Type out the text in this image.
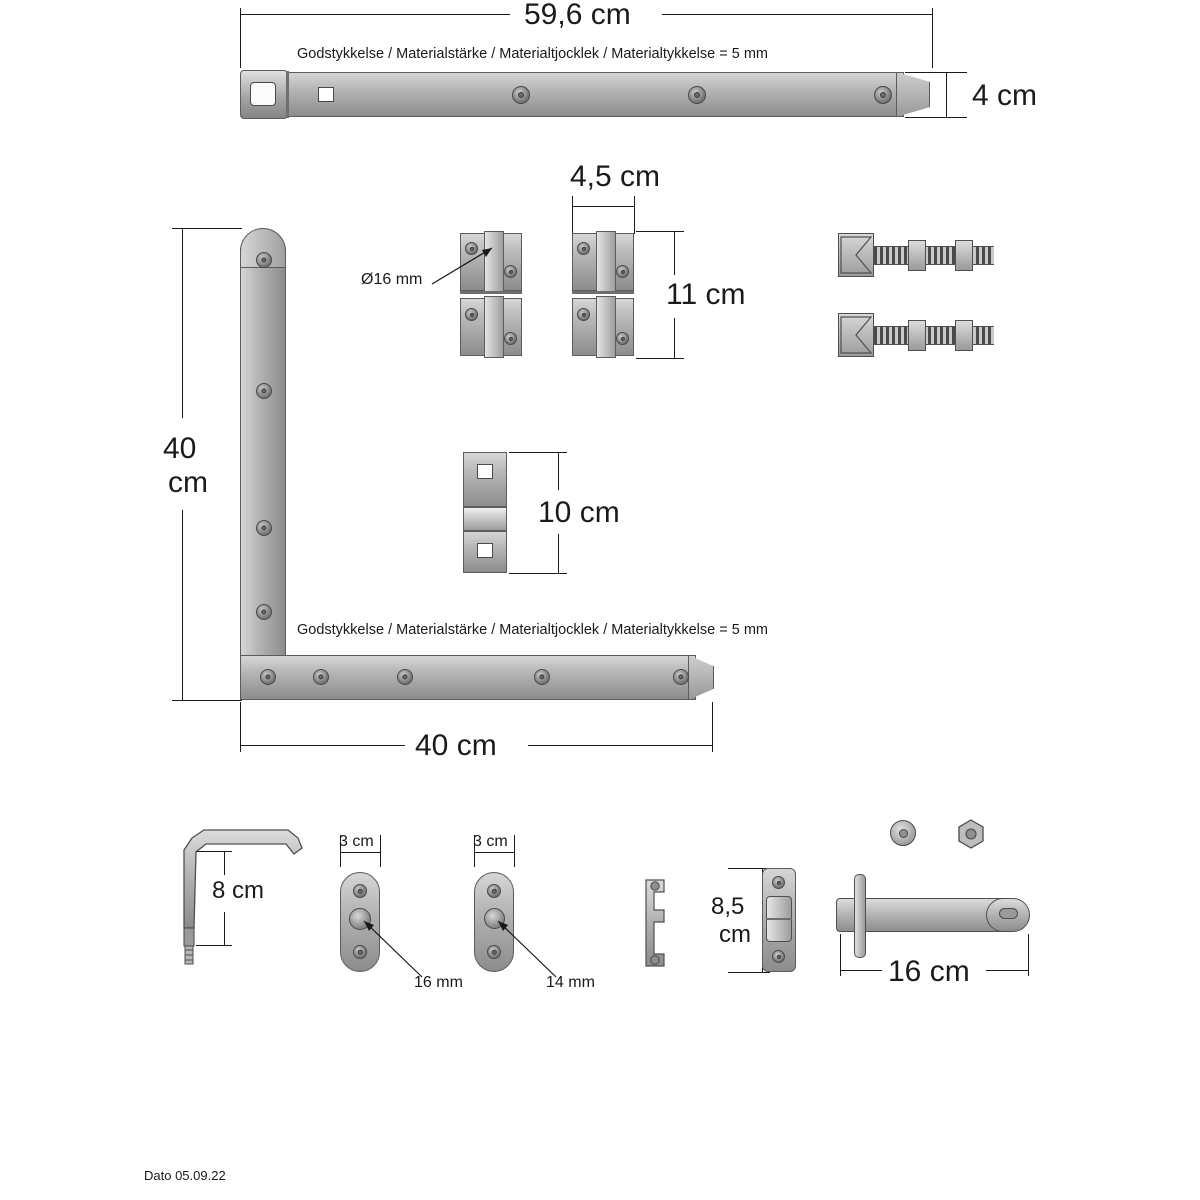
59,6 cm
Godstykkelse / Materialstärke / Materialtjocklek / Materialtykkelse = 5 mm
4 cm
4,5 cm
Ø16 mm	11 cm
40
cm
40 cm
Godstykkelse / Materialstärke / Materialtjocklek / Materialtykkelse = 5 mm
10 cm
8 cm
3 cm
16 mm
3 cm
14 mm
8,5
cm
16 cm
Dato 05.09.22
